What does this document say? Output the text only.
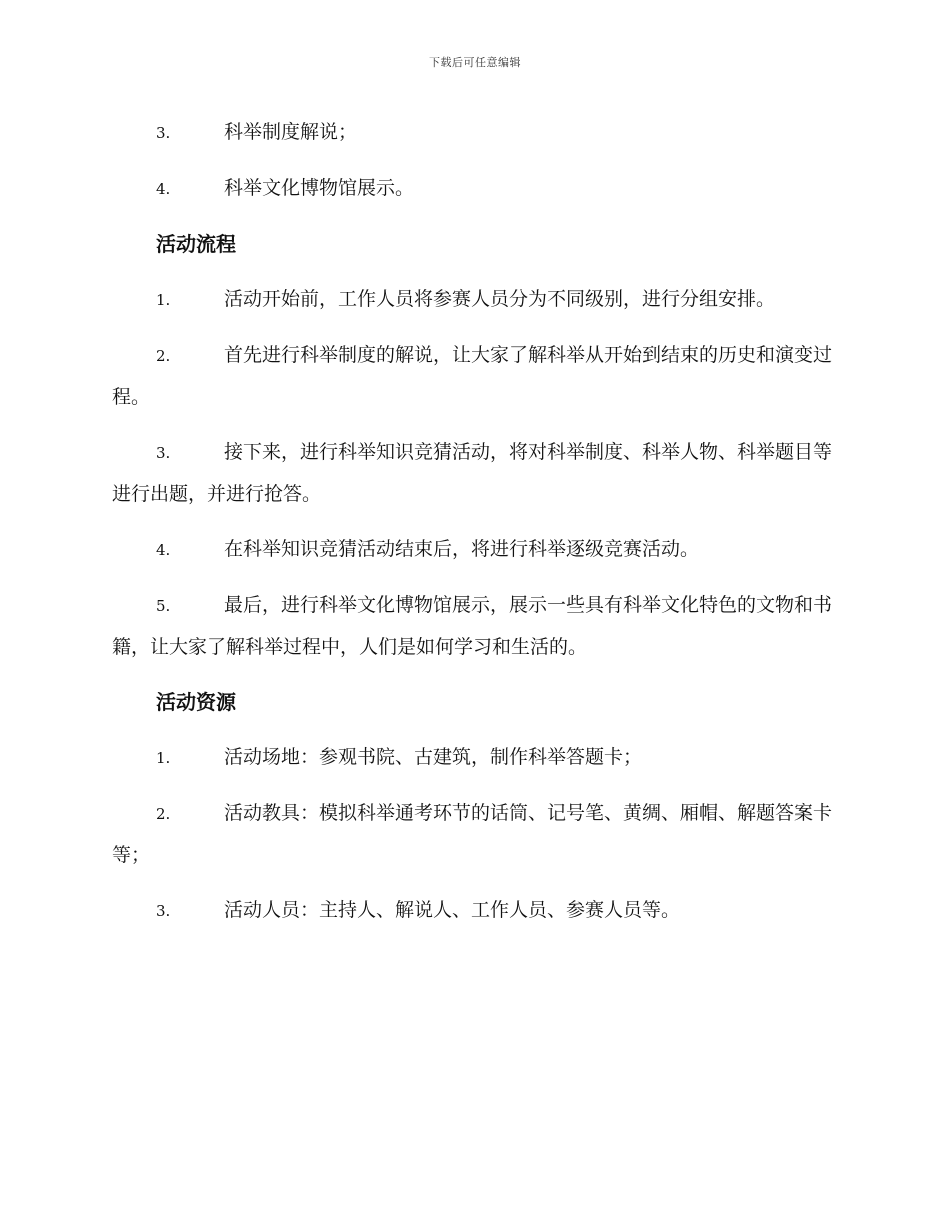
下载后可任意编辑

3.	科举制度解说；

4.	科举文化博物馆展示。

活动流程

1.	活动开始前，工作人员将参赛人员分为不同级别，进行分组安排。

2.	首先进行科举制度的解说，让大家了解科举从开始到结束的历史和演变过程。

3.	接下来，进行科举知识竞猜活动，将对科举制度、科举人物、科举题目等进行出题，并进行抢答。

4.	在科举知识竞猜活动结束后，将进行科举逐级竞赛活动。

5.	最后，进行科举文化博物馆展示，展示一些具有科举文化特色的文物和书籍，让大家了解科举过程中，人们是如何学习和生活的。

活动资源

1.	活动场地：参观书院、古建筑，制作科举答题卡；

2.	活动教具：模拟科举通考环节的话筒、记号笔、黄绸、厢帽、解题答案卡等；

3.	活动人员：主持人、解说人、工作人员、参赛人员等。
